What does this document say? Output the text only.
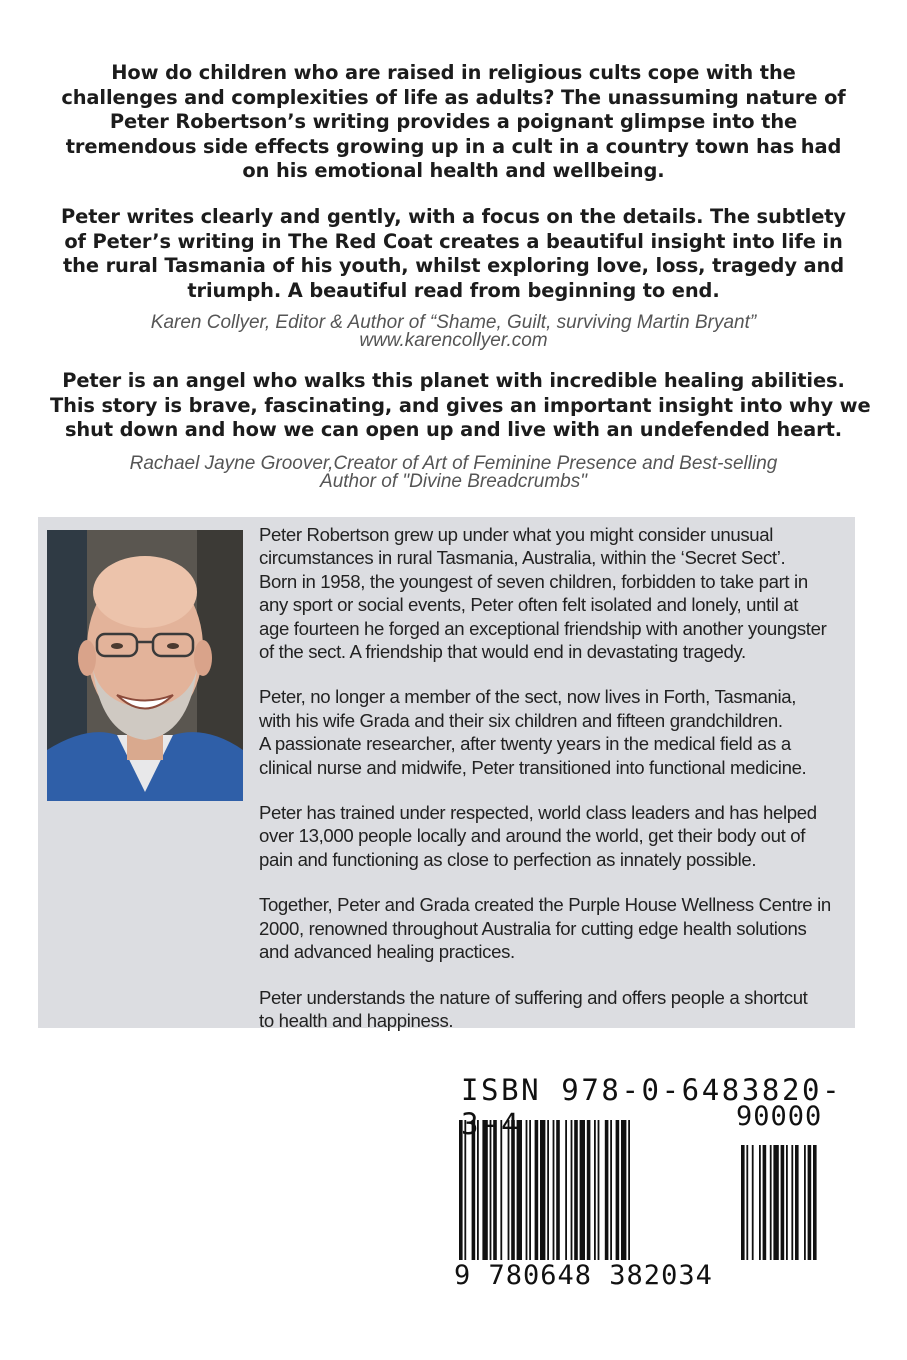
How do children who are raised in religious cults cope with the
challenges and complexities of life as adults? The unassuming nature of
Peter Robertson’s writing provides a poignant glimpse into the
tremendous side effects growing up in a cult in a country town has had
on his emotional health and wellbeing.
Peter writes clearly and gently, with a focus on the details. The subtlety
of Peter’s writing in The Red Coat creates a beautiful insight into life in
the rural Tasmania of his youth, whilst exploring love, loss, tragedy and
triumph. A beautiful read from beginning to end.
Karen Collyer, Editor & Author of “Shame, Guilt, surviving Martin Bryant”
www.karencollyer.com
Peter is an angel who walks this planet with incredible healing abilities.
This story is brave, fascinating, and gives an important insight into why we
shut down and how we can open up and live with an undefended heart.
Rachael Jayne Groover,Creator of Art of Feminine Presence and Best-selling
Author of "Divine Breadcrumbs"

Peter Robertson grew up under what you might consider unusual
circumstances in rural Tasmania, Australia, within the ‘Secret Sect’.
Born in 1958, the youngest of seven children, forbidden to take part in
any sport or social events, Peter often felt isolated and lonely, until at
age fourteen he forged an exceptional friendship with another youngster
of the sect. A friendship that would end in devastating tragedy.

Peter, no longer a member of the sect, now lives in Forth, Tasmania,
with his wife Grada and their six children and fifteen grandchildren.
A passionate researcher, after twenty years in the medical field as a
clinical nurse and midwife, Peter transitioned into functional medicine.

Peter has trained under respected, world class leaders and has helped
over 13,000 people locally and around the world, get their body out of
pain and functioning as close to perfection as innately possible.

Together, Peter and Grada created the Purple House Wellness Centre in
2000, renowned throughout Australia for cutting edge health solutions
and advanced healing practices.

Peter understands the nature of suffering and offers people a shortcut
to health and happiness.

ISBN 978-0-6483820-3-4	90000
9 780648 382034
